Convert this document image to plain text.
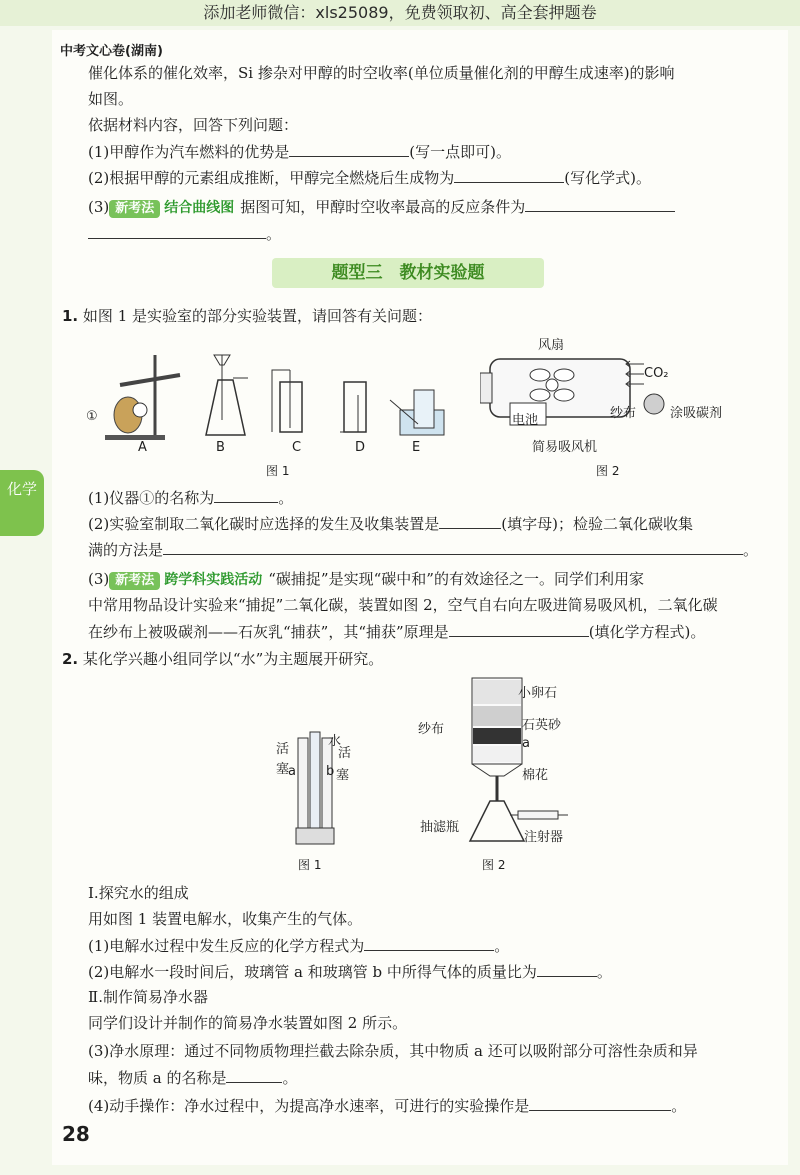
添加老师微信：xls25089，免费领取初、高全套押题卷
中考文心卷(湖南)
化学
催化体系的催化效率，Si 掺杂对甲醇的时空收率(单位质量催化剂的甲醇生成速率)的影响
如图。
依据材料内容，回答下列问题：
(1)甲醇作为汽车燃料的优势是	(写一点即可)。
(2)根据甲醇的元素组成推断，甲醇完全燃烧后生成物为	(写化学式)。
(3) 新考法 结合曲线图 据图可知，甲醇时空收率最高的反应条件为
。
题型三　教材实验题
1. 如图 1 是实验室的部分实验装置，请回答有关问题：
①
A	B	C	D	E
图 1
风扇
CO₂
电池	纱布	涂吸碳剂
简易吸风机
图 2
(1)仪器①的名称为	。
(2)实验室制取二氧化碳时应选择的发生及收集装置是	(填字母)；检验二氧化碳收集
满的方法是	。
(3) 新考法 跨学科实践活动 “碳捕捉”是实现“碳中和”的有效途径之一。同学们利用家
中常用物品设计实验来“捕捉”二氧化碳，装置如图 2，空气自右向左吸进简易吸风机，二氧化碳
在纱布上被吸碳剂——石灰乳“捕获”，其“捕获”原理是	(填化学方程式)。
2. 某化学兴趣小组同学以“水”为主题展开研究。
活
塞
a
水
活
塞
b
图 1
小卵石
石英砂
纱布
a
棉花
抽滤瓶
注射器
图 2
Ⅰ.探究水的组成
用如图 1 装置电解水，收集产生的气体。
(1)电解水过程中发生反应的化学方程式为	。
(2)电解水一段时间后，玻璃管 a 和玻璃管 b 中所得气体的质量比为	。
Ⅱ.制作简易净水器
同学们设计并制作的简易净水装置如图 2 所示。
(3)净水原理：通过不同物质物理拦截去除杂质，其中物质 a 还可以吸附部分可溶性杂质和异
味，物质 a 的名称是	。
(4)动手操作：净水过程中，为提高净水速率，可进行的实验操作是	。
28
